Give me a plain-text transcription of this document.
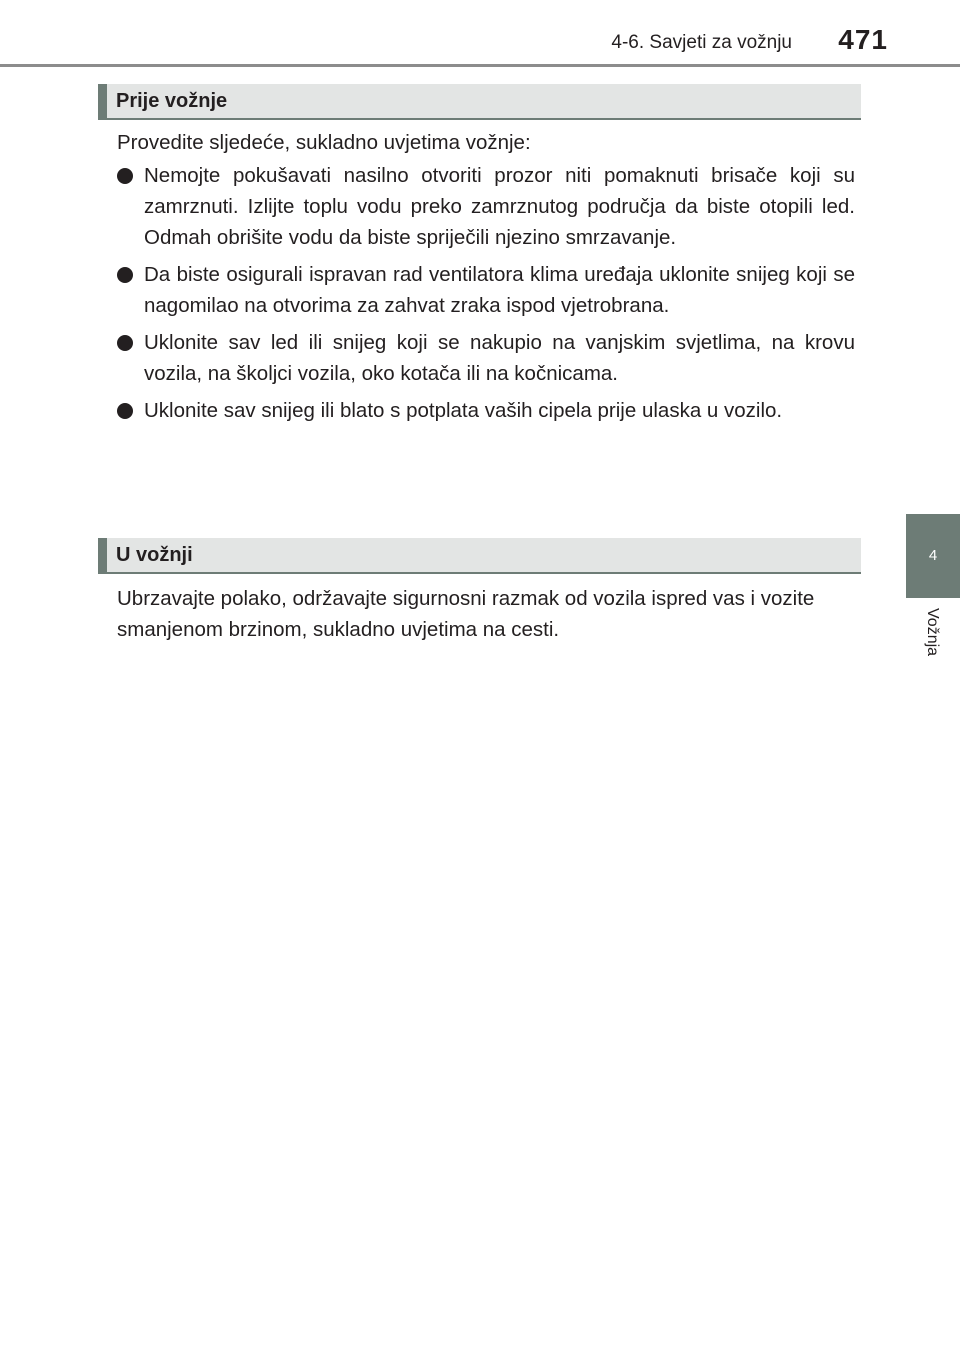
4-6. Savjeti za vožnju 471
4
Vožnja
Prije vožnje
Provedite sljedeće, sukladno uvjetima vožnje:
Nemojte pokušavati nasilno otvoriti prozor niti pomaknuti brisače koji su zamrznuti. Izlijte toplu vodu preko zamrznutog područja da biste otopili led. Odmah obrišite vodu da biste spriječili njezino smrzavanje.
Da biste osigurali ispravan rad ventilatora klima uređaja uklonite snijeg koji se nagomilao na otvorima za zahvat zraka ispod vjetrobrana.
Uklonite sav led ili snijeg koji se nakupio na vanjskim svjetlima, na krovu vozila, na školjci vozila, oko kotača ili na kočnicama.
Uklonite sav snijeg ili blato s potplata vaših cipela prije ulaska u vozilo.
U vožnji
Ubrzavajte polako, održavajte sigurnosni razmak od vozila ispred vas i vozite smanjenom brzinom, sukladno uvjetima na cesti.
